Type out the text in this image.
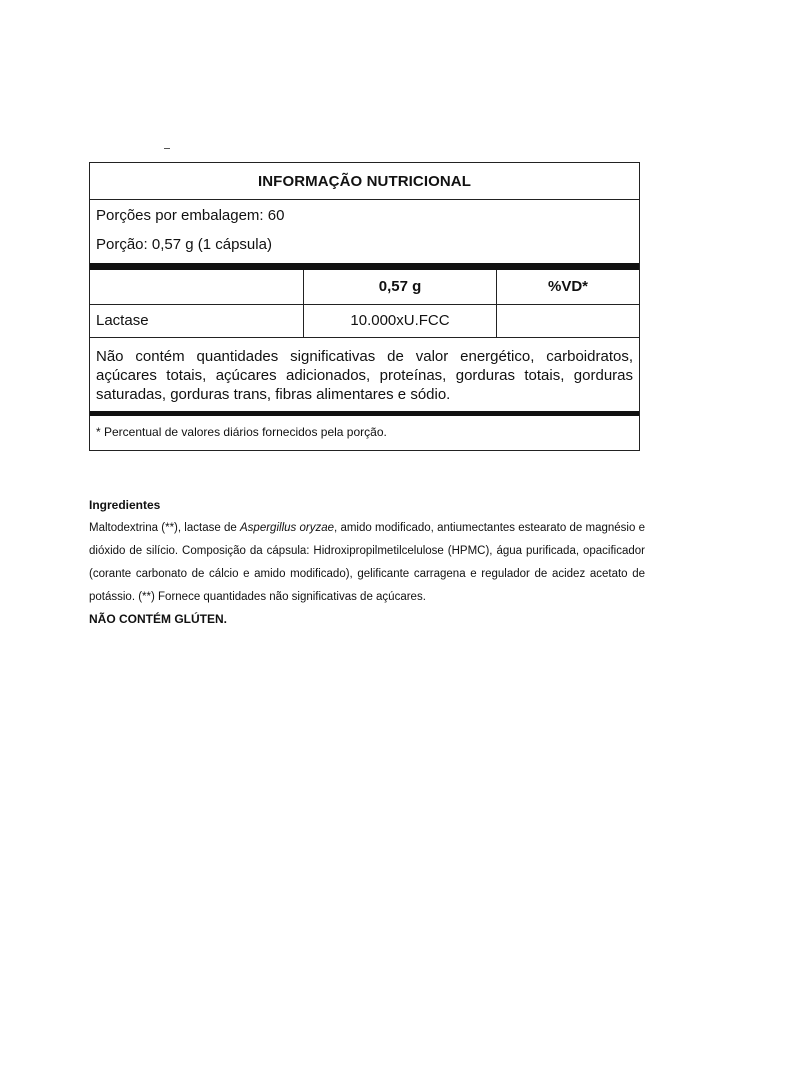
INFORMAÇÃO NUTRICIONAL
Porções por embalagem: 60
Porção: 0,57 g (1 cápsula)
0,57 g	%VD*
Lactase	10.000xU.FCC
Não contém quantidades significativas de valor energético, carboidratos, açúcares totais, açúcares adicionados, proteínas, gorduras totais, gorduras saturadas, gorduras trans, fibras alimentares e sódio.
* Percentual de valores diários fornecidos pela porção.
Ingredientes
Maltodextrina (**), lactase de Aspergillus oryzae, amido modificado, antiumectantes estearato de magnésio e dióxido de silício. Composição da cápsula: Hidroxipropilmetilcelulose (HPMC), água purificada, opacificador (corante carbonato de cálcio e amido modificado), gelificante carragena e regulador de acidez acetato de potássio. (**) Fornece quantidades não significativas de açúcares.
NÃO CONTÉM GLÚTEN.
